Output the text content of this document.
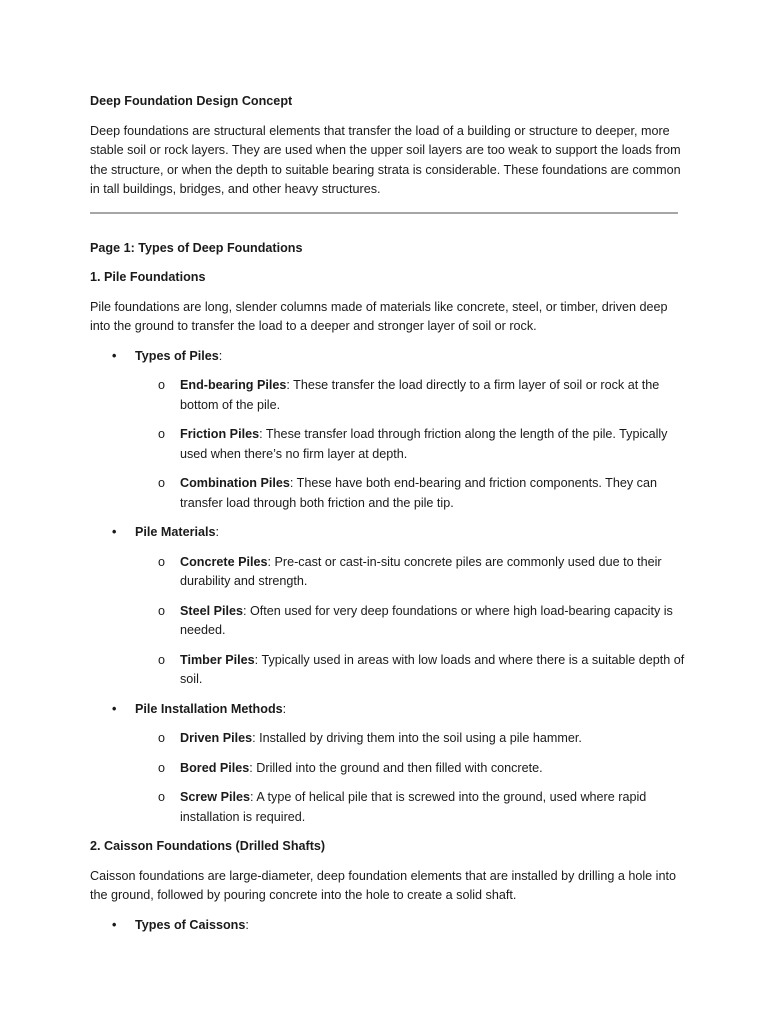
Deep Foundation Design Concept

Deep foundations are structural elements that transfer the load of a building or structure to deeper, more stable soil or rock layers. They are used when the upper soil layers are too weak to support the loads from the structure, or when the depth to suitable bearing strata is considerable. These foundations are common in tall buildings, bridges, and other heavy structures.

Page 1: Types of Deep Foundations

1. Pile Foundations

Pile foundations are long, slender columns made of materials like concrete, steel, or timber, driven deep into the ground to transfer the load to a deeper and stronger layer of soil or rock.

• Types of Piles:
o End-bearing Piles: These transfer the load directly to a firm layer of soil or rock at the bottom of the pile.
o Friction Piles: These transfer load through friction along the length of the pile. Typically used when there’s no firm layer at depth.
o Combination Piles: These have both end-bearing and friction components. They can transfer load through both friction and the pile tip.
• Pile Materials:
o Concrete Piles: Pre-cast or cast-in-situ concrete piles are commonly used due to their durability and strength.
o Steel Piles: Often used for very deep foundations or where high load-bearing capacity is needed.
o Timber Piles: Typically used in areas with low loads and where there is a suitable depth of soil.
• Pile Installation Methods:
o Driven Piles: Installed by driving them into the soil using a pile hammer.
o Bored Piles: Drilled into the ground and then filled with concrete.
o Screw Piles: A type of helical pile that is screwed into the ground, used where rapid installation is required.

2. Caisson Foundations (Drilled Shafts)

Caisson foundations are large-diameter, deep foundation elements that are installed by drilling a hole into the ground, followed by pouring concrete into the hole to create a solid shaft.

• Types of Caissons:
